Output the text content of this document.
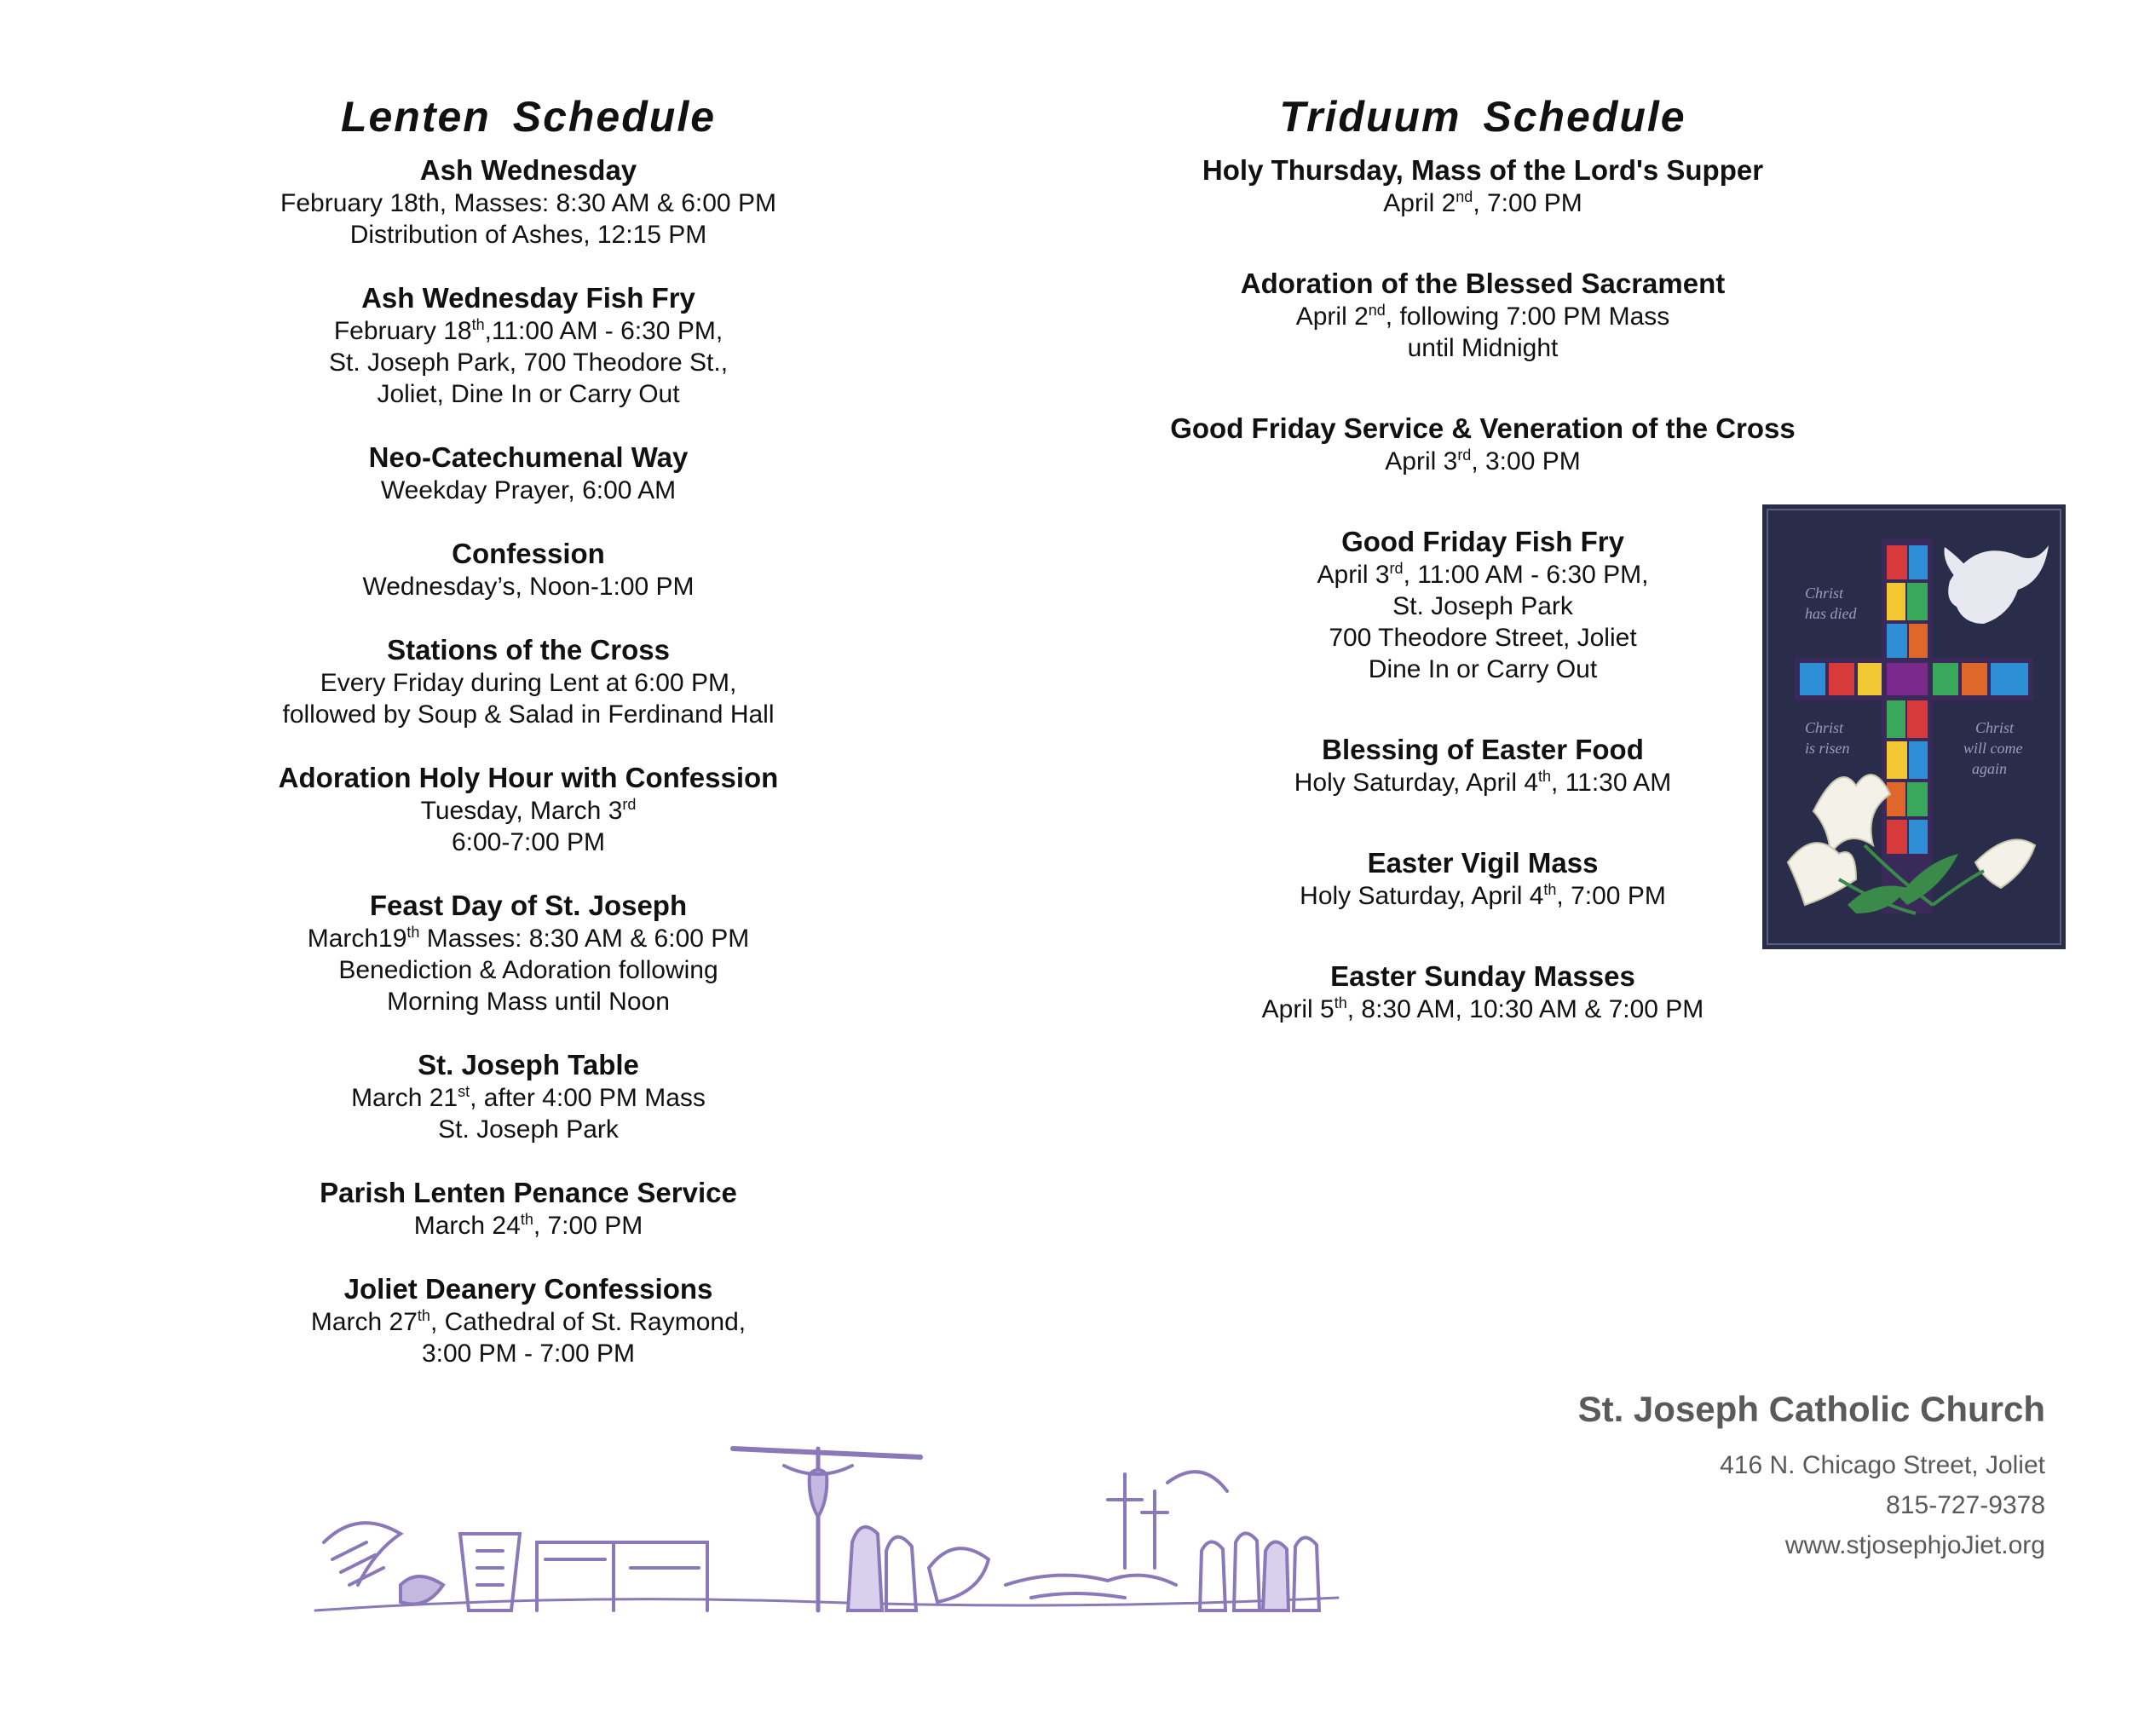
Lenten Schedule
Ash Wednesday
February 18th, Masses: 8:30 AM & 6:00 PM
Distribution of Ashes, 12:15 PM
Ash Wednesday Fish Fry
February 18th,11:00 AM - 6:30 PM,
St. Joseph Park, 700 Theodore St.,
Joliet, Dine In or Carry Out
Neo-Catechumenal Way
Weekday Prayer, 6:00 AM
Confession
Wednesday’s, Noon-1:00 PM
Stations of the Cross
Every Friday during Lent at 6:00 PM,
followed by Soup & Salad in Ferdinand Hall
Adoration Holy Hour with Confession
Tuesday, March 3rd
6:00-7:00 PM
Feast Day of St. Joseph
March19th Masses: 8:30 AM & 6:00 PM
Benediction & Adoration following
Morning Mass until Noon
St. Joseph Table
March 21st, after 4:00 PM Mass
St. Joseph Park
Parish Lenten Penance Service
March 24th, 7:00 PM
Joliet Deanery Confessions
March 27th, Cathedral of St. Raymond,
3:00 PM - 7:00 PM
Triduum Schedule
Holy Thursday, Mass of the Lord's Supper
April 2nd, 7:00 PM
Adoration of the Blessed Sacrament
April 2nd, following 7:00 PM Mass
until Midnight
Good Friday Service & Veneration of the Cross
April 3rd, 3:00 PM
Good Friday Fish Fry
April 3rd, 11:00 AM - 6:30 PM,
St. Joseph Park
700 Theodore Street, Joliet
Dine In or Carry Out
Blessing of Easter Food
Holy Saturday, April 4th, 11:30 AM
Easter Vigil Mass
Holy Saturday, April 4th, 7:00 PM
Easter Sunday Masses
April 5th, 8:30 AM, 10:30 AM & 7:00 PM
Christ
has died
Christ
is risen
Christ
will come
again
St. Joseph Catholic Church
416 N. Chicago Street, Joliet
815-727-9378
www.stjosephjoJiet.org
